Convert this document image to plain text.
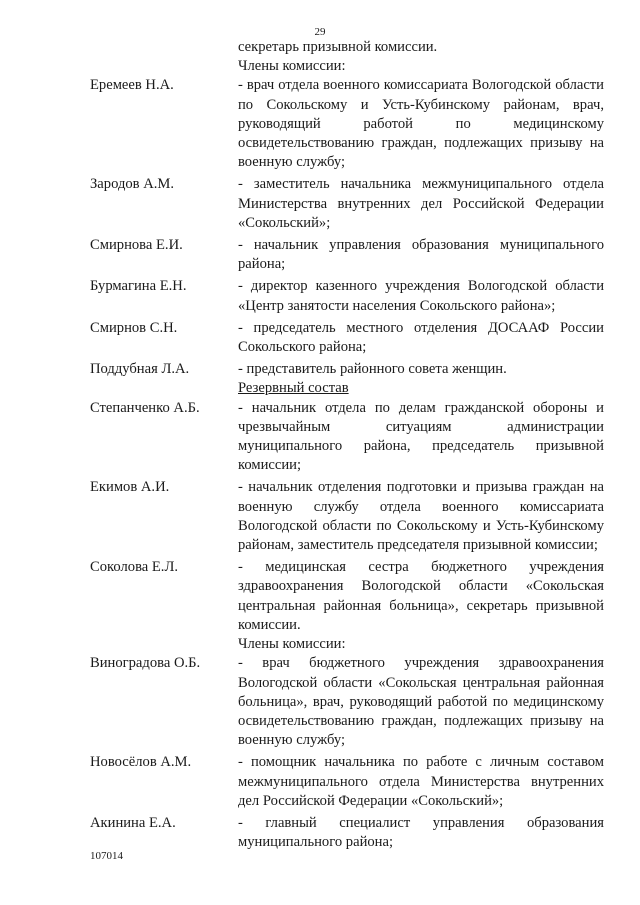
29
секретарь призывной комиссии.
Члены комиссии:
Еремеев Н.А.	- врач отдела военного комиссариата Вологодской области по Сокольскому и Усть-Кубинскому районам, врач, руководящий работой по медицинскому освидетельствованию граждан, подлежащих призыву на военную службу;
Зародов А.М.	- заместитель начальника межмуниципального отдела Министерства внутренних дел Российской Федерации «Сокольский»;
Смирнова Е.И.	- начальник управления образования муниципального района;
Бурмагина Е.Н.	- директор казенного учреждения Вологодской области «Центр занятости населения Сокольского района»;
Смирнов С.Н.	- председатель местного отделения ДОСААФ России Сокольского района;
Поддубная Л.А.	- представитель районного совета женщин.
Резервный состав
Степанченко А.Б.	- начальник отдела по делам гражданской обороны и чрезвычайным ситуациям администрации муниципального района, председатель призывной комиссии;
Екимов А.И.	- начальник отделения подготовки и призыва граждан на военную службу отдела военного комиссариата Вологодской области по Сокольскому и Усть-Кубинскому районам, заместитель председателя призывной комиссии;
Соколова Е.Л.	- медицинская сестра бюджетного учреждения здравоохранения Вологодской области «Сокольская центральная районная больница», секретарь призывной комиссии.
Члены комиссии:
Виноградова О.Б.	- врач бюджетного учреждения здравоохранения Вологодской области «Сокольская центральная районная больница», врач, руководящий работой по медицинскому освидетельствованию граждан, подлежащих призыву на военную службу;
Новосёлов А.М.	- помощник начальника по работе с личным составом межмуниципального отдела Министерства внутренних дел Российской Федерации «Сокольский»;
Акинина Е.А.	- главный специалист управления образования муниципального района;
107014
